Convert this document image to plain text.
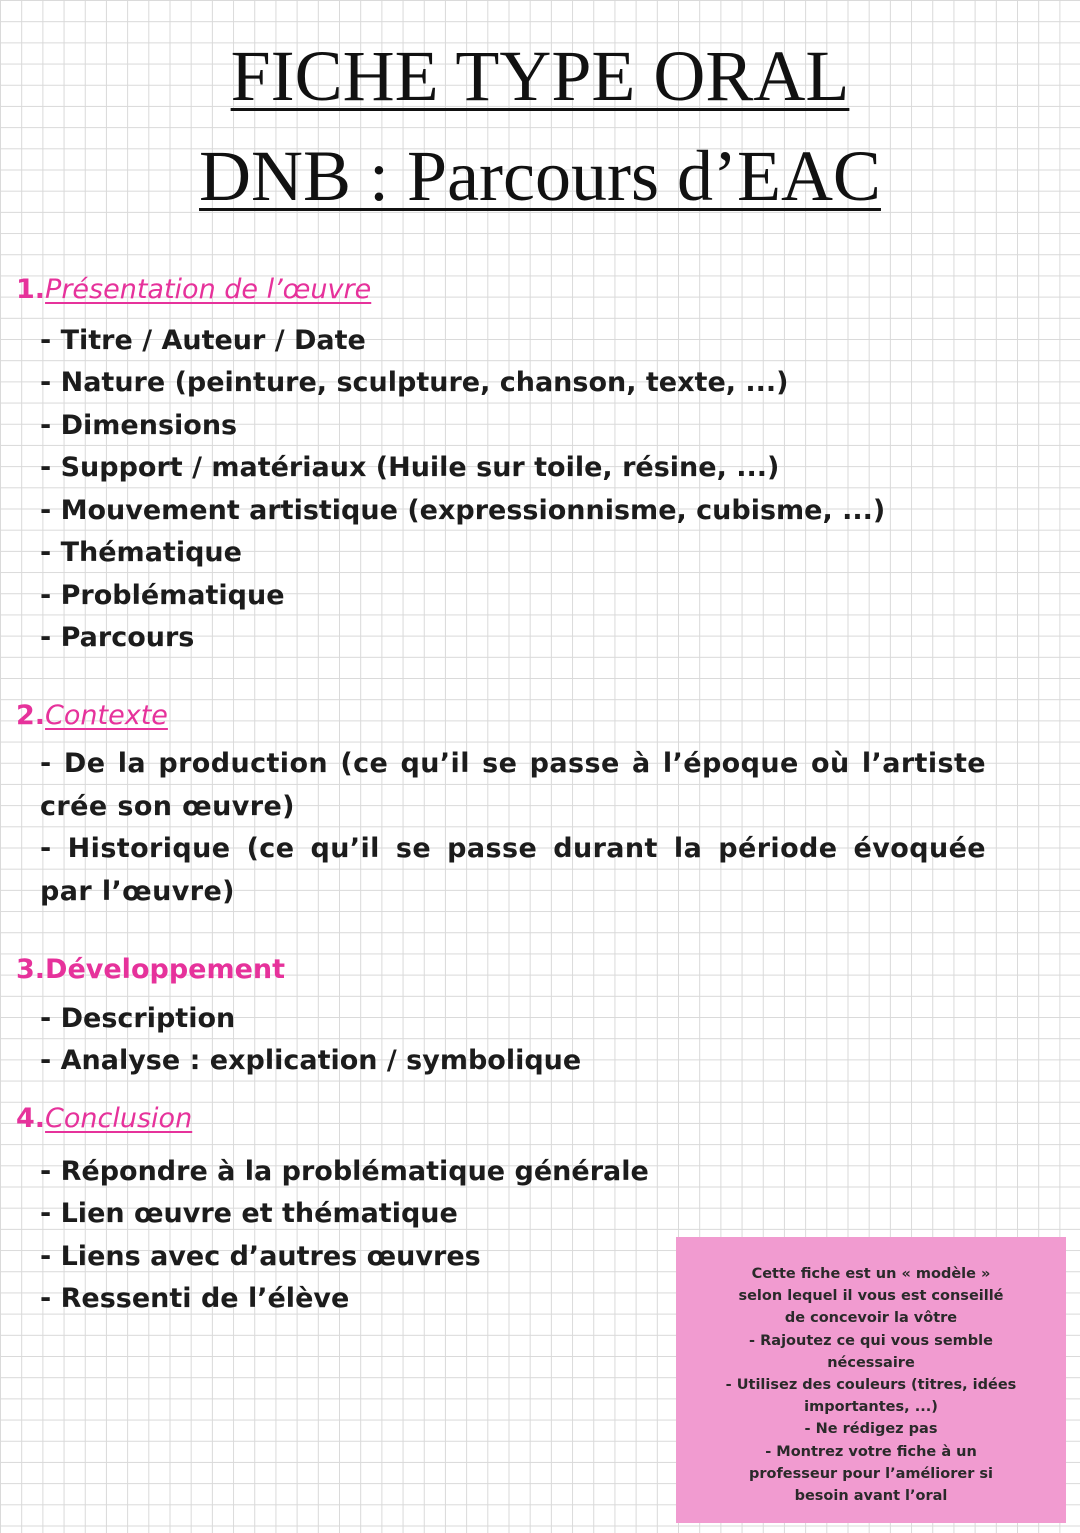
FICHE TYPE ORAL
DNB : Parcours d’EAC
1.Présentation de l’œuvre
- Titre / Auteur / Date
- Nature (peinture, sculpture, chanson, texte, ...)
- Dimensions
- Support / matériaux (Huile sur toile, résine, ...)
- Mouvement artistique (expressionnisme, cubisme, ...)
- Thématique
- Problématique
- Parcours
2.Contexte
- De la production (ce qu’il se passe à l’époque où l’artiste crée son œuvre)
- Historique (ce qu’il se passe durant la période évoquée par l’œuvre)
3.Développement
- Description
- Analyse : explication / symbolique
4.Conclusion
- Répondre à la problématique générale
- Lien œuvre et thématique
- Liens avec d’autres œuvres
- Ressenti de l’élève
Cette fiche est un « modèle »
selon lequel il vous est conseillé
de concevoir la vôtre
- Rajoutez ce qui vous semble
nécessaire
- Utilisez des couleurs (titres, idées
importantes, ...)
- Ne rédigez pas
- Montrez votre fiche à un
professeur pour l’améliorer si
besoin avant l’oral
